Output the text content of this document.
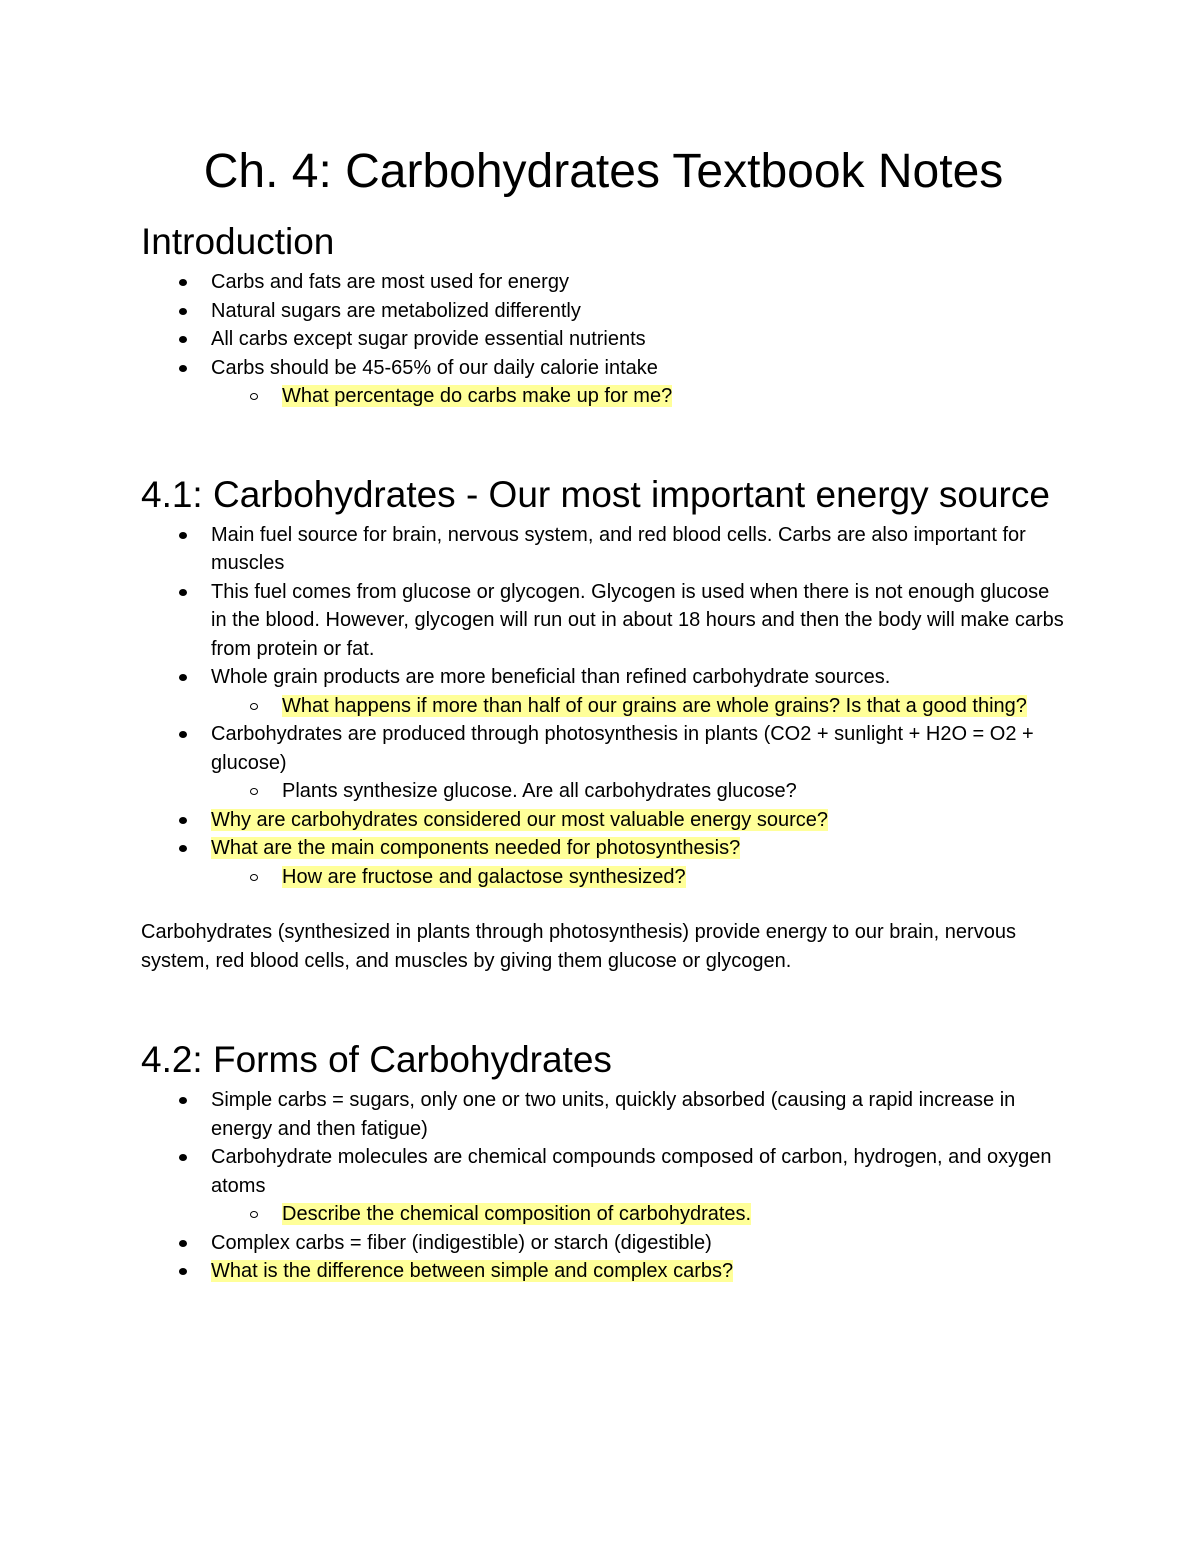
Ch. 4: Carbohydrates Textbook Notes
Introduction
Carbs and fats are most used for energy
Natural sugars are metabolized differently
All carbs except sugar provide essential nutrients
Carbs should be 45-65% of our daily calorie intake
What percentage do carbs make up for me?
4.1: Carbohydrates - Our most important energy source
Main fuel source for brain, nervous system, and red blood cells. Carbs are also important for muscles
This fuel comes from glucose or glycogen. Glycogen is used when there is not enough glucose in the blood. However, glycogen will run out in about 18 hours and then the body will make carbs from protein or fat.
Whole grain products are more beneficial than refined carbohydrate sources.
What happens if more than half of our grains are whole grains? Is that a good thing?
Carbohydrates are produced through photosynthesis in plants (CO2 + sunlight + H2O = O2 + glucose)
Plants synthesize glucose. Are all carbohydrates glucose?
Why are carbohydrates considered our most valuable energy source?
What are the main components needed for photosynthesis?
How are fructose and galactose synthesized?

Carbohydrates (synthesized in plants through photosynthesis) provide energy to our brain, nervous system, red blood cells, and muscles by giving them glucose or glycogen.

4.2: Forms of Carbohydrates
Simple carbs = sugars, only one or two units, quickly absorbed (causing a rapid increase in energy and then fatigue)
Carbohydrate molecules are chemical compounds composed of carbon, hydrogen, and oxygen atoms
Describe the chemical composition of carbohydrates.
Complex carbs = fiber (indigestible) or starch (digestible)
What is the difference between simple and complex carbs?
